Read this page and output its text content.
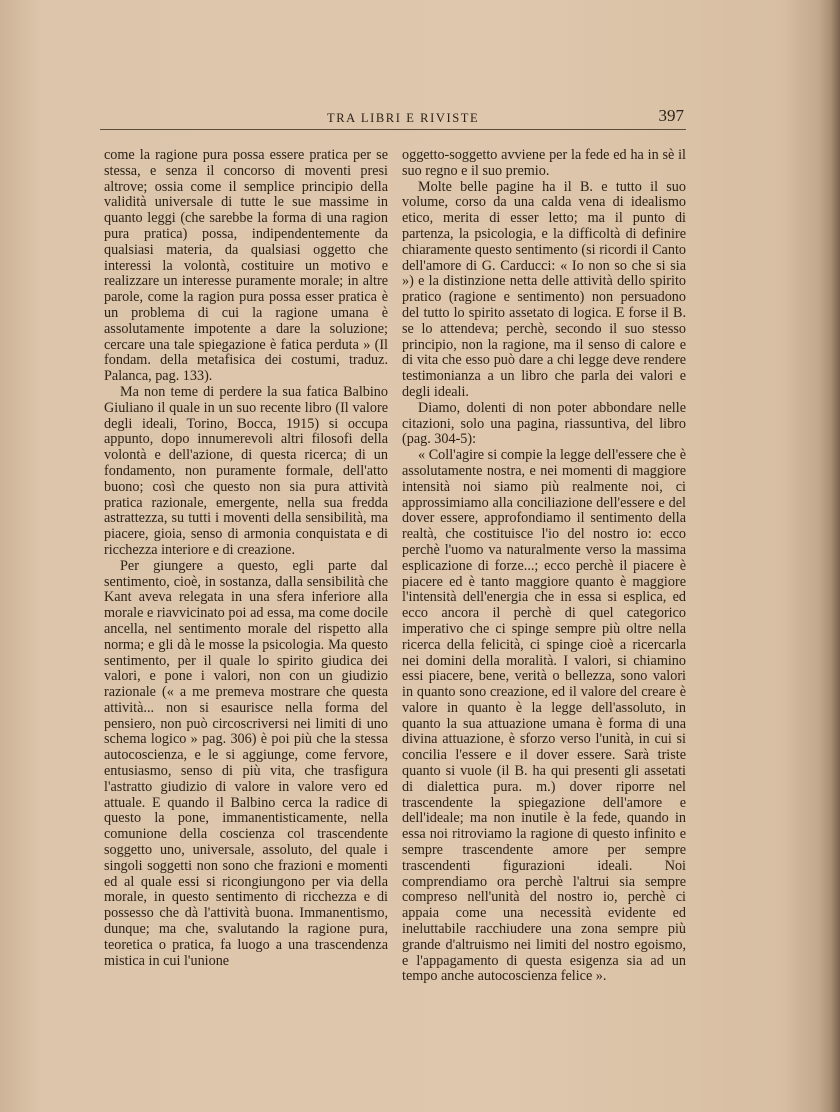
TRA LIBRI E RIVISTE	397

come la ragione pura possa essere pratica per se stessa, e senza il concorso di moventi presi altrove; ossia come il semplice principio della validità universale di tutte le sue massime in quanto leggi (che sarebbe la forma di una ragion pura pratica) possa, indipendentemente da qualsiasi materia, da qualsiasi oggetto che interessi la volontà, costituire un motivo e realizzare un interesse puramente morale; in altre parole, come la ragion pura possa esser pratica è un problema di cui la ragione umana è assolutamente impotente a dare la soluzione; cercare una tale spiegazione è fatica perduta » (Il fondam. della metafisica dei costumi, traduz. Palanca, pag. 133).

Ma non teme di perdere la sua fatica Balbino Giuliano il quale in un suo recente libro (Il valore degli ideali, Torino, Bocca, 1915) si occupa appunto, dopo innumerevoli altri filosofi della volontà e dell'azione, di questa ricerca; di un fondamento, non puramente formale, dell'atto buono; così che questo non sia pura attività pratica razionale, emergente, nella sua fredda astrattezza, su tutti i moventi della sensibilità, ma piacere, gioia, senso di armonia conquistata e di ricchezza interiore e di creazione.

Per giungere a questo, egli parte dal sentimento, cioè, in sostanza, dalla sensibilità che Kant aveva relegata in una sfera inferiore alla morale e riavvicinato poi ad essa, ma come docile ancella, nel sentimento morale del rispetto alla norma; e gli dà le mosse la psicologia. Ma questo sentimento, per il quale lo spirito giudica dei valori, e pone i valori, non con un giudizio razionale (« a me premeva mostrare che questa attività... non si esaurisce nella forma del pensiero, non può circoscriversi nei limiti di uno schema logico » pag. 306) è poi più che la stessa autocoscienza, e le si aggiunge, come fervore, entusiasmo, senso di più vita, che trasfigura l'astratto giudizio di valore in valore vero ed attuale. E quando il Balbino cerca la radice di questo la pone, immanentisticamente, nella comunione della coscienza col trascendente soggetto uno, universale, assoluto, del quale i singoli soggetti non sono che frazioni e momenti ed al quale essi si ricongiungono per via della morale, in questo sentimento di ricchezza e di possesso che dà l'attività buona. Immanentismo, dunque; ma che, svalutando la ragione pura, teoretica o pratica, fa luogo a una trascendenza mistica in cui l'unione

oggetto-soggetto avviene per la fede ed ha in sè il suo regno e il suo premio.

Molte belle pagine ha il B. e tutto il suo volume, corso da una calda vena di idealismo etico, merita di esser letto; ma il punto di partenza, la psicologia, e la difficoltà di definire chiaramente questo sentimento (si ricordi il Canto dell'amore di G. Carducci: « Io non so che si sia ») e la distinzione netta delle attività dello spirito pratico (ragione e sentimento) non persuadono del tutto lo spirito assetato di logica. E forse il B. se lo attendeva; perchè, secondo il suo stesso principio, non la ragione, ma il senso di calore e di vita che esso può dare a chi legge deve rendere testimonianza a un libro che parla dei valori e degli ideali.

Diamo, dolenti di non poter abbondare nelle citazioni, solo una pagina, riassuntiva, del libro (pag. 304-5):

« Coll'agire si compie la legge dell'essere che è assolutamente nostra, e nei momenti di maggiore intensità noi siamo più realmente noi, ci approssimiamo alla conciliazione dell'essere e del dover essere, approfondiamo il sentimento della realtà, che costituisce l'io del nostro io: ecco perchè l'uomo va naturalmente verso la massima esplicazione di forze...; ecco perchè il piacere è piacere ed è tanto maggiore quanto è maggiore l'intensità dell'energia che in essa si esplica, ed ecco ancora il perchè di quel categorico imperativo che ci spinge sempre più oltre nella ricerca della felicità, ci spinge cioè a ricercarla nei domini della moralità. I valori, si chiamino essi piacere, bene, verità o bellezza, sono valori in quanto sono creazione, ed il valore del creare è valore in quanto è la legge dell'assoluto, in quanto la sua attuazione umana è forma di una divina attuazione, è sforzo verso l'unità, in cui si concilia l'essere e il dover essere. Sarà triste quanto si vuole (il B. ha qui presenti gli assetati di dialettica pura. m.) dover riporre nel trascendente la spiegazione dell'amore e dell'ideale; ma non inutile è la fede, quando in essa noi ritroviamo la ragione di questo infinito e sempre trascendente amore per sempre trascendenti figurazioni ideali. Noi comprendiamo ora perchè l'altrui sia sempre compreso nell'unità del nostro io, perchè ci appaia come una necessità evidente ed ineluttabile racchiudere una zona sempre più grande d'altruismo nei limiti del nostro egoismo, e l'appagamento di questa esigenza sia ad un tempo anche autocoscienza felice ».
